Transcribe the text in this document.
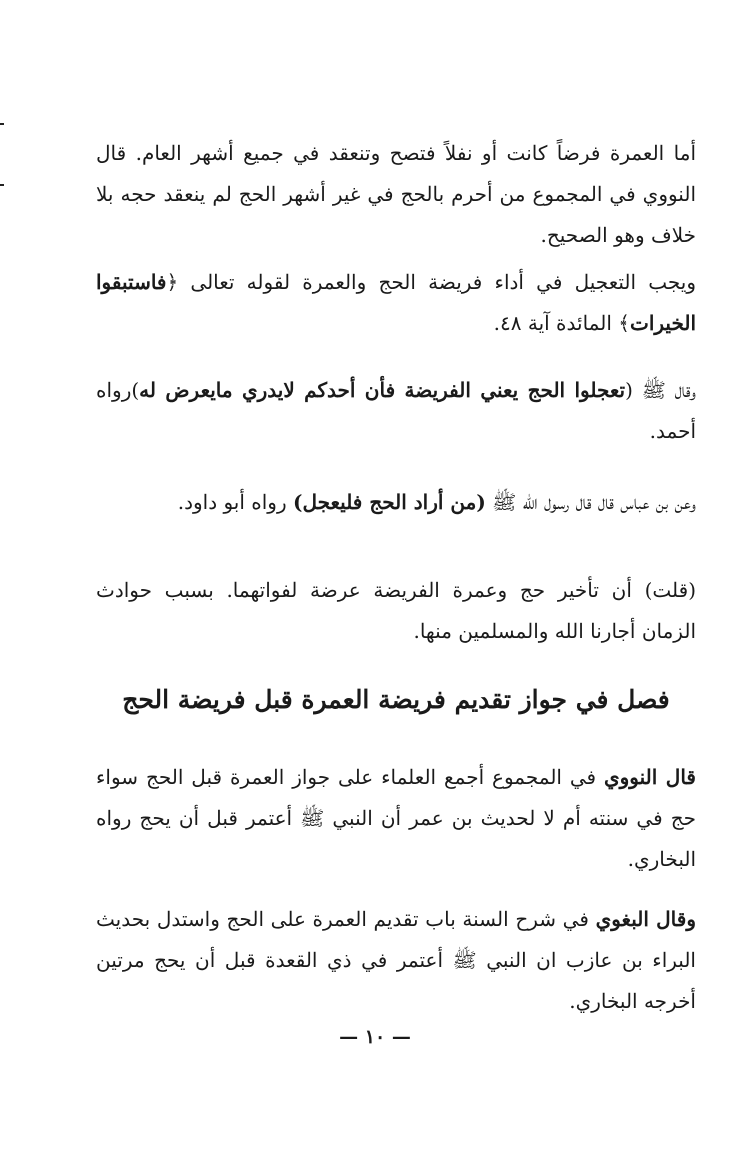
أما العمرة فرضاً كانت أو نفلاً فتصح وتنعقد في جميع أشهر العام. قال النووي في المجموع من أحرم بالحج في غير أشهر الحج لم ينعقد حجه بلا خلاف وهو الصحيح.

ويجب التعجيل في أداء فريضة الحج والعمرة لقوله تعالى ﴿فاستبقوا الخيرات﴾ المائدة آية ٤٨.

وقال ﷺ (تعجلوا الحج يعني الفريضة فأن أحدكم لايدري مايعرض له)رواه أحمد.

وعن بن عباس قال قال رسول الله ﷺ (من أراد الحج فليعجل) رواه أبو داود.

(قلت) أن تأخير حج وعمرة الفريضة عرضة لفواتهما. بسبب حوادث الزمان أجارنا الله والمسلمين منها.

فصل في جواز تقديم فريضة العمرة قبل فريضة الحج

قال النووي في المجموع أجمع العلماء على جواز العمرة قبل الحج سواء حج في سنته أم لا لحديث بن عمر أن النبي ﷺ أعتمر قبل أن يحج رواه البخاري.

وقال البغوي في شرح السنة باب تقديم العمرة على الحج واستدل بحديث البراء بن عازب ان النبي ﷺ أعتمر في ذي القعدة قبل أن يحج مرتين أخرجه البخاري.

— ١٠ —
